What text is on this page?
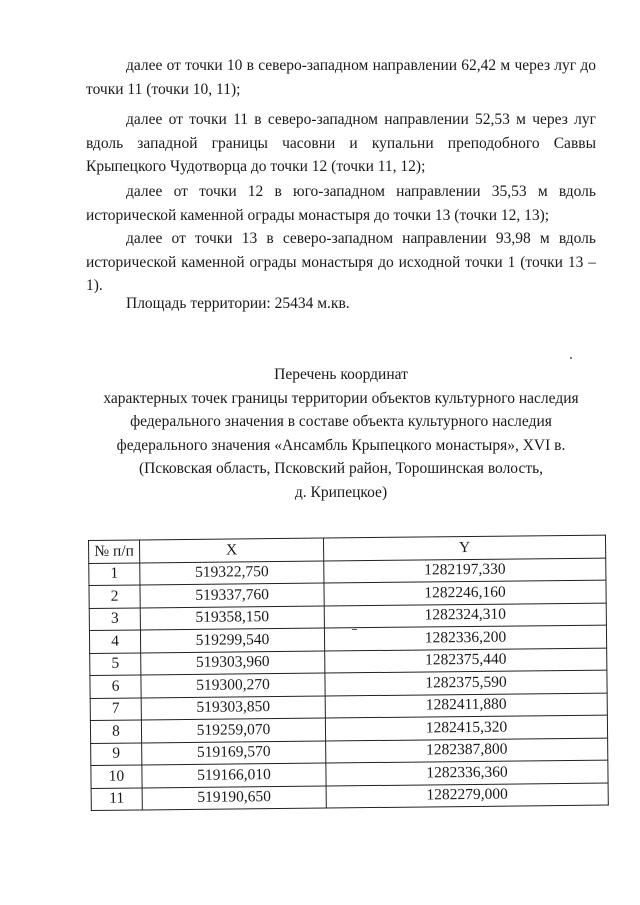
далее от точки 10 в северо-западном направлении 62,42 м через луг до точки 11 (точки 10, 11);

далее от точки 11 в северо-западном направлении 52,53 м через луг вдоль западной границы часовни и купальни преподобного Саввы Крыпецкого Чудотворца до точки 12 (точки 11, 12);

далее от точки 12 в юго-западном направлении 35,53 м вдоль исторической каменной ограды монастыря до точки 13 (точки 12, 13);

далее от точки 13 в северо-западном направлении 93,98 м вдоль исторической каменной ограды монастыря до исходной точки 1 (точки 13 – 1).

Площадь территории: 25434 м.кв.

Перечень координат
характерных точек границы территории объектов культурного наследия
федерального значения в составе объекта культурного наследия
федерального значения «Ансамбль Крыпецкого монастыря», XVI в.
(Псковская область, Псковский район, Торошинская волость,
д. Крипецкое)
№ п/п	X	Y
1	519322,750	1282197,330
2	519337,760	1282246,160
3	519358,150	1282324,310
4	519299,540	1282336,200
5	519303,960	1282375,440
6	519300,270	1282375,590
7	519303,850	1282411,880
8	519259,070	1282415,320
9	519169,570	1282387,800
10	519166,010	1282336,360
11	519190,650	1282279,000
